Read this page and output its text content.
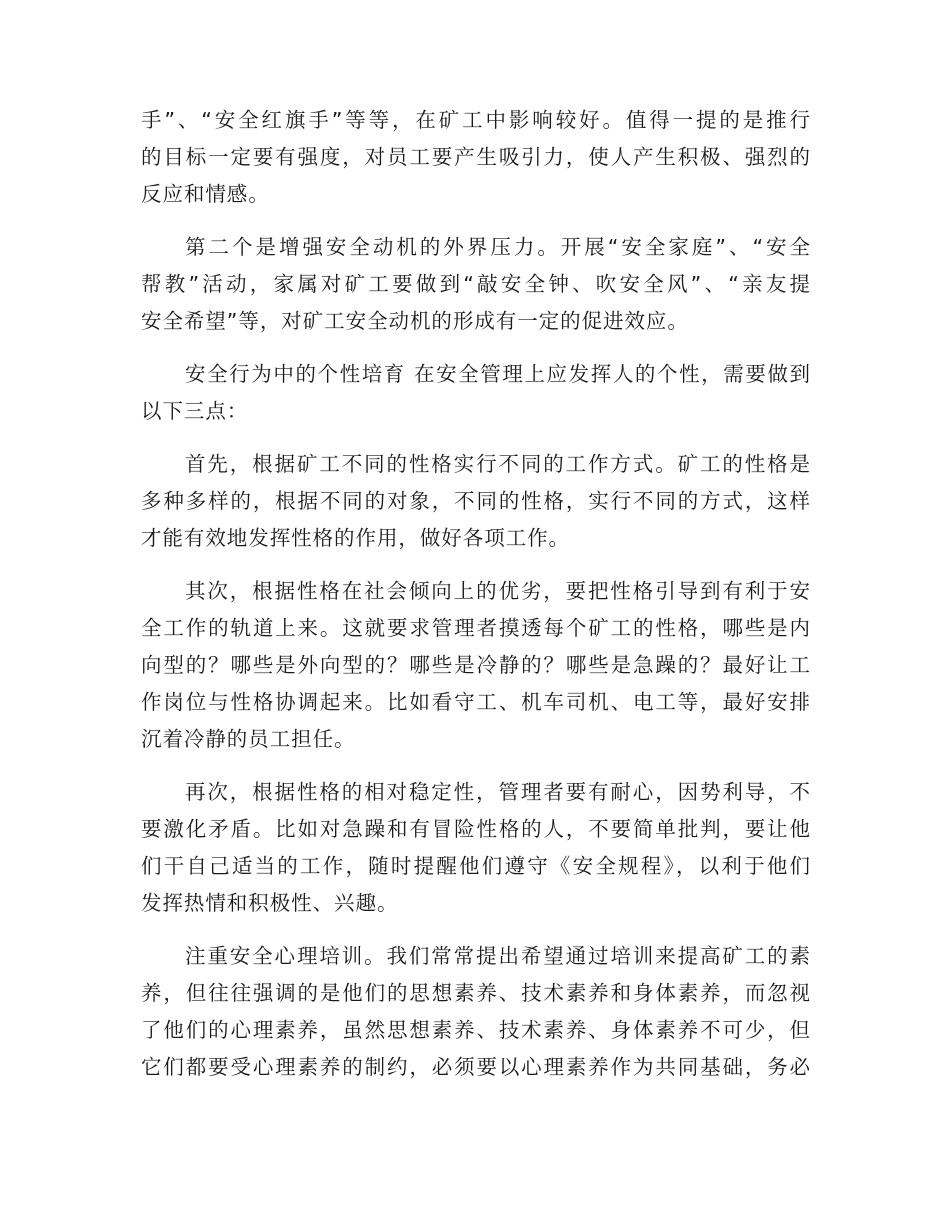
手”、“安全红旗手”等等，在矿工中影响较好。值得一提的是推行
的目标一定要有强度，对员工要产生吸引力，使人产生积极、强烈的
反应和情感。
第二个是增强安全动机的外界压力。开展“安全家庭”、“安全
帮教”活动，家属对矿工要做到“敲安全钟、吹安全风”、“亲友提
安全希望”等，对矿工安全动机的形成有一定的促进效应。
安全行为中的个性培育 在安全管理上应发挥人的个性，需要做到
以下三点：
首先，根据矿工不同的性格实行不同的工作方式。矿工的性格是
多种多样的，根据不同的对象，不同的性格，实行不同的方式，这样
才能有效地发挥性格的作用，做好各项工作。
其次，根据性格在社会倾向上的优劣，要把性格引导到有利于安
全工作的轨道上来。这就要求管理者摸透每个矿工的性格，哪些是内
向型的？哪些是外向型的？哪些是冷静的？哪些是急躁的？最好让工
作岗位与性格协调起来。比如看守工、机车司机、电工等，最好安排
沉着冷静的员工担任。
再次，根据性格的相对稳定性，管理者要有耐心，因势利导，不
要激化矛盾。比如对急躁和有冒险性格的人，不要简单批判，要让他
们干自己适当的工作，随时提醒他们遵守《安全规程》，以利于他们
发挥热情和积极性、兴趣。
注重安全心理培训。我们常常提出希望通过培训来提高矿工的素
养，但往往强调的是他们的思想素养、技术素养和身体素养，而忽视
了他们的心理素养，虽然思想素养、技术素养、身体素养不可少，但
它们都要受心理素养的制约，必须要以心理素养作为共同基础，务必
